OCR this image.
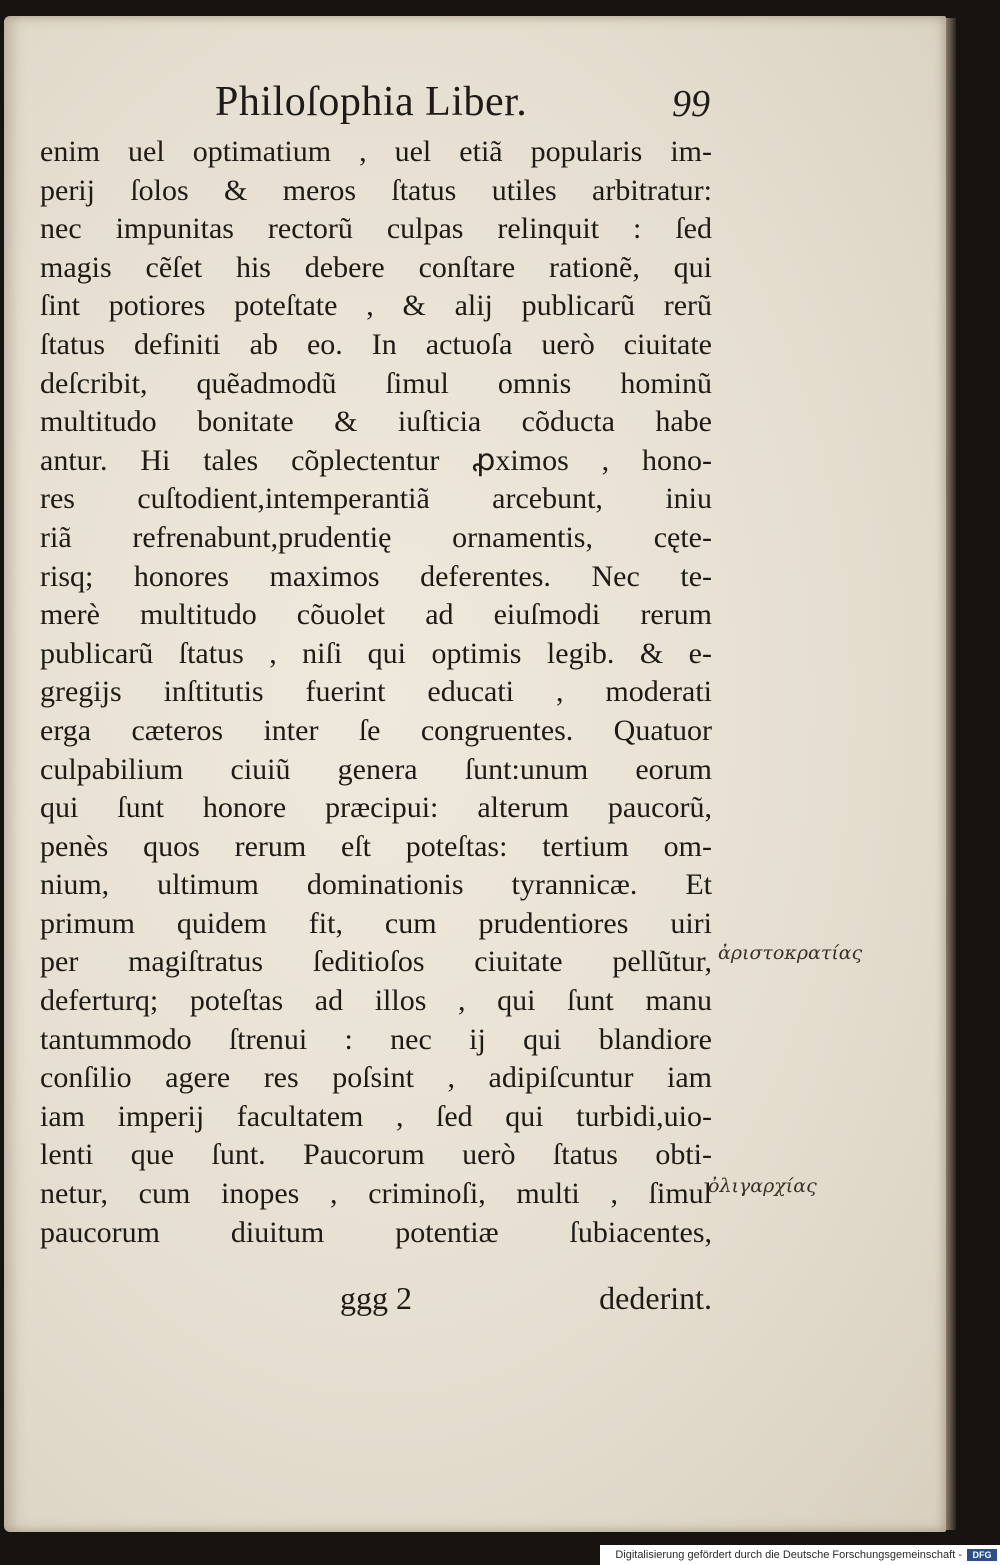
Philoſophia Liber.	99
enim uel optimatium , uel etiã popularis im-
perij ſolos & meros ſtatus utiles arbitratur:
nec impunitas rectorũ culpas relinquit : ſed
magis cẽſet his debere conſtare rationẽ, qui
ſint potiores poteſtate , & alij publicarũ rerũ
ſtatus definiti ab eo. In actuoſa uerò ciuitate
deſcribit, quẽadmodũ ſimul omnis hominũ
multitudo bonitate & iuſticia cõducta habe
antur. Hi tales cõplectentur ꝓximos , hono-
res cuſtodient,intemperantiã arcebunt, iniu
riã refrenabunt,prudentię ornamentis, cęte-
risq; honores maximos deferentes. Nec te-
merè multitudo cõuolet ad eiuſmodi rerum
publicarũ ſtatus , niſi qui optimis legib. & e-
gregijs inſtitutis fuerint educati , moderati
erga cæteros inter ſe congruentes. Quatuor
culpabilium ciuiũ genera ſunt:unum eorum
qui ſunt honore præcipui: alterum paucorũ,
penès quos rerum eſt poteſtas: tertium om-
nium, ultimum dominationis tyrannicæ. Et
primum quidem fit, cum prudentiores uiri
per magiſtratus ſeditioſos ciuitate pellũtur,
deferturq; poteſtas ad illos , qui ſunt manu
tantummodo ſtrenui : nec ij qui blandiore
conſilio agere res poſsint , adipiſcuntur iam
iam imperij facultatem , ſed qui turbidi,uio-
lenti que ſunt. Paucorum uerò ſtatus obti-
netur, cum inopes , criminoſi, multi , ſimul
paucorum diuitum potentiæ ſubiacentes,
ἀριστοκρατίας
ὀλιγαρχίας
ggg 2	dederint.
Digitalisierung gefördert durch die Deutsche Forschungsgemeinschaft -	DFG
